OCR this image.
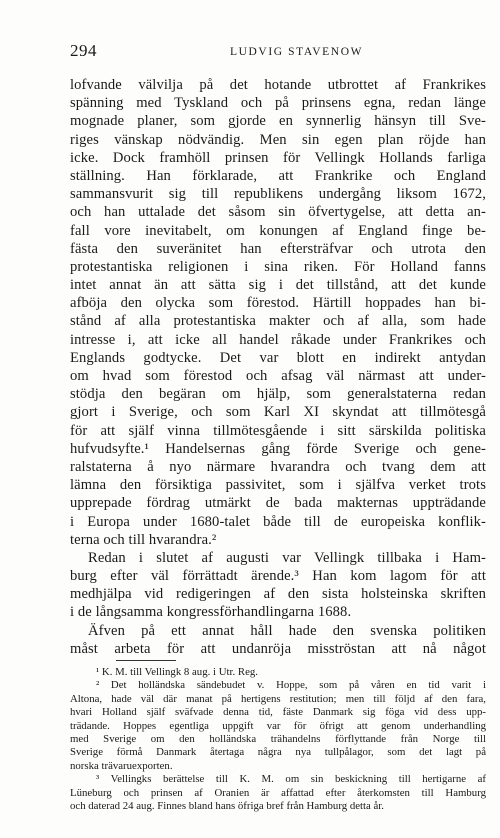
294	LUDVIG STAVENOW
lofvande välvilja på det hotande utbrottet af Frankrikes
spänning med Tyskland och på prinsens egna, redan länge
mognade planer, som gjorde en synnerlig hänsyn till Sve-
riges vänskap nödvändig. Men sin egen plan röjde han
icke. Dock framhöll prinsen för Vellingk Hollands farliga
ställning. Han förklarade, att Frankrike och England
sammansvurit sig till republikens undergång liksom 1672,
och han uttalade det såsom sin öfvertygelse, att detta an-
fall vore inevitabelt, om konungen af England finge be-
fästa den suveränitet han eftersträfvar och utrota den
protestantiska religionen i sina riken. För Holland fanns
intet annat än att sätta sig i det tillstånd, att det kunde
afböja den olycka som förestod. Härtill hoppades han bi-
stånd af alla protestantiska makter och af alla, som hade
intresse i, att icke all handel råkade under Frankrikes och
Englands godtycke. Det var blott en indirekt antydan
om hvad som förestod och afsag väl närmast att under-
stödja den begäran om hjälp, som generalstaterna redan
gjort i Sverige, och som Karl XI skyndat att tillmötesgå
för att själf vinna tillmötesgående i sitt särskilda politiska
hufvudsyfte.¹ Handelsernas gång förde Sverige och gene-
ralstaterna å nyo närmare hvarandra och tvang dem att
lämna den försiktiga passivitet, som i själfva verket trots
upprepade fördrag utmärkt de bada makternas uppträdande
i Europa under 1680-talet både till de europeiska konflik-
terna och till hvarandra.²
Redan i slutet af augusti var Vellingk tillbaka i Ham-
burg efter väl förrättadt ärende.³ Han kom lagom för att
medhjälpa vid redigeringen af den sista holsteinska skriften
i de långsamma kongressförhandlingarna 1688.
Äfven på ett annat håll hade den svenska politiken
måst arbeta för att undanröja misströstan att nå något
¹ K. M. till Vellingk 8 aug. i Utr. Reg.
² Det holländska sändebudet v. Hoppe, som på våren en tid varit i
Altona, hade väl där manat på hertigens restitution; men till följd af den fara,
hvari Holland själf sväfvade denna tid, fäste Danmark sig föga vid dess upp-
trädande. Hoppes egentliga uppgift var för öfrigt att genom underhandling
med Sverige om den holländska trähandelns förflyttande från Norge till
Sverige förmå Danmark återtaga några nya tullpålagor, som det lagt på
norska trävaruexporten.
³ Vellingks berättelse till K. M. om sin beskickning till hertigarne af
Lüneburg och prinsen af Oranien är affattad efter återkomsten till Hamburg
och daterad 24 aug. Finnes bland hans öfriga bref från Hamburg detta år.
